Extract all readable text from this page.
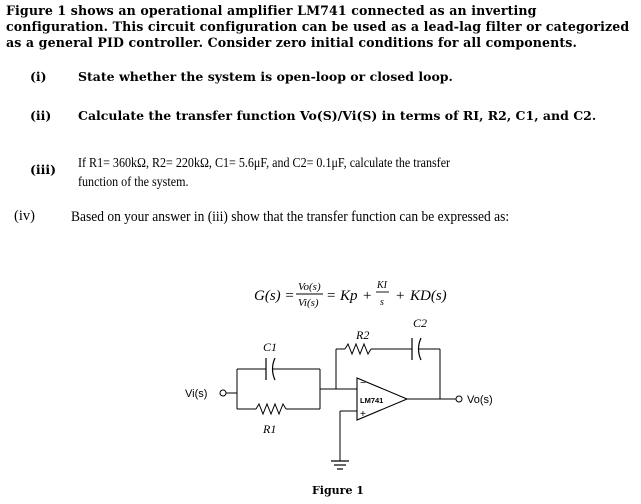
Figure 1 shows an operational amplifier LM741 connected as an inverting configuration. This circuit configuration can be used as a lead-lag filter or categorized as a general PID controller. Consider zero initial conditions for all components.
(i)	State whether the system is open-loop or closed loop.
(ii) Calculate the transfer function Vo(S)/Vi(S) in terms of RI, R2, C1, and C2.
(iii) If R1= 360kΩ, R2= 220kΩ, C1= 5.6μF, and C2= 0.1μF, calculate the transfer function of the system.
(iv) Based on your answer in (iii) show that the transfer function can be expressed as:
G(s) =
Vo(s)
Vi(s) = Kp +
KI
s + KD(s)
C1
R1
R2
C2
LM741
−
+
Vi(s)	Vo(s)
Figure 1
